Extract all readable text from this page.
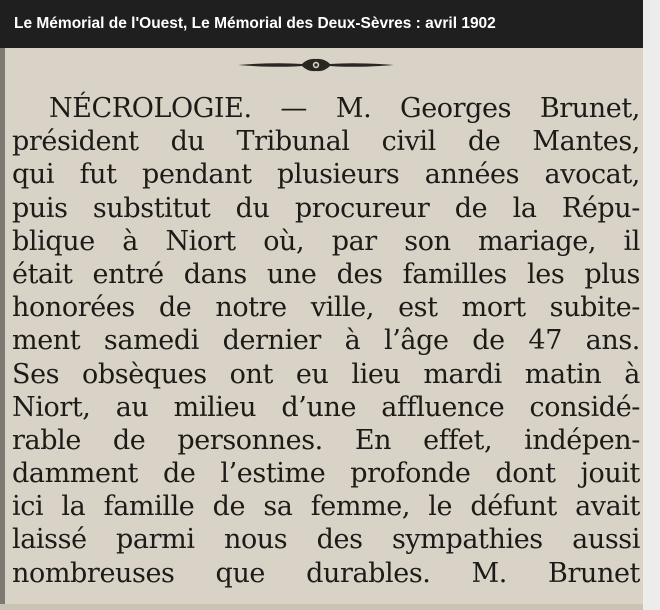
Le Mémorial de l'Ouest, Le Mémorial des Deux-Sèvres : avril 1902
NÉCROLOGIE. — M. Georges Brunet,
président du Tribunal civil de Mantes,
qui fut pendant plusieurs années avocat,
puis substitut du procureur de la Répu-
blique à Niort où, par son mariage, il
était entré dans une des familles les plus
honorées de notre ville, est mort subite-
ment samedi dernier à l’âge de 47 ans.
Ses obsèques ont eu lieu mardi matin à
Niort, au milieu d’une affluence considé-
rable de personnes. En effet, indépen-
damment de l’estime profonde dont jouit
ici la famille de sa femme, le défunt avait
laissé parmi nous des sympathies aussi
nombreuses que durables. M. Brunet
